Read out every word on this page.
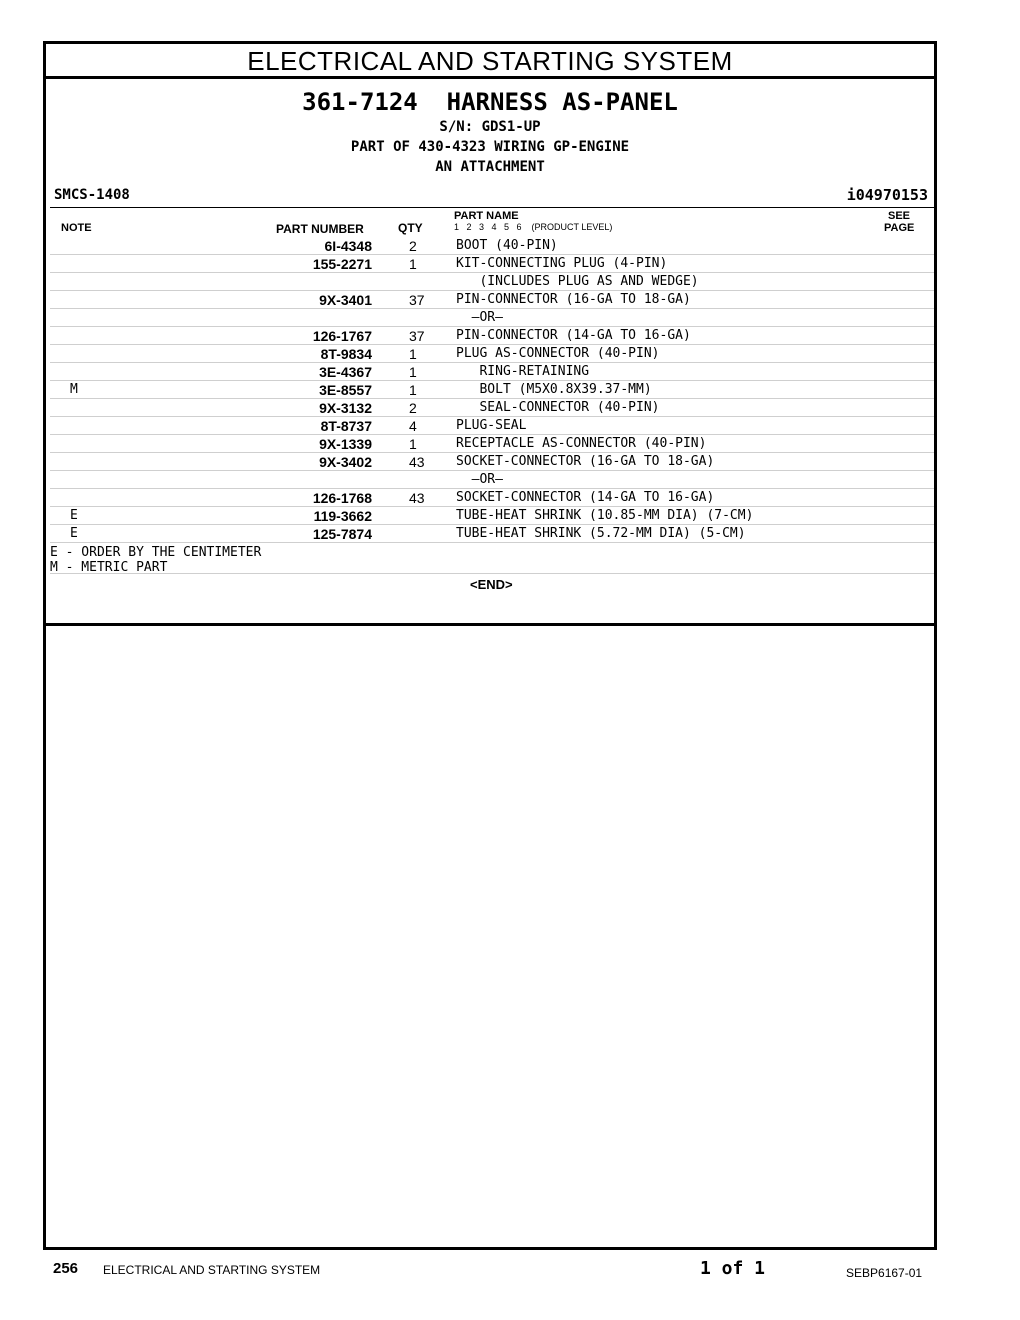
ELECTRICAL AND STARTING SYSTEM
361-7124  HARNESS AS-PANEL
S/N: GDS1-UP
PART OF 430-4323 WIRING GP-ENGINE
AN ATTACHMENT
SMCS-1408	i04970153
NOTE	PART NUMBER	QTY
PART NAME
1   2   3   4   5   6    (PRODUCT LEVEL)
SEE
PAGE
6I-4348	2	BOOT (40-PIN)
155-2271	1	KIT-CONNECTING PLUG (4-PIN)
(INCLUDES PLUG AS AND WEDGE)
9X-3401	37 PIN-CONNECTOR (16-GA TO 18-GA)
—OR—
126-1767	37 PIN-CONNECTOR (14-GA TO 16-GA)
8T-9834	1	PLUG AS-CONNECTOR (40-PIN)
3E-4367	1	RING-RETAINING
M	3E-8557	1	BOLT (M5X0.8X39.37-MM)
9X-3132	2	SEAL-CONNECTOR (40-PIN)
8T-8737	4	PLUG-SEAL
9X-1339	1	RECEPTACLE AS-CONNECTOR (40-PIN)
9X-3402	43 SOCKET-CONNECTOR (16-GA TO 18-GA)
—OR—
126-1768	43 SOCKET-CONNECTOR (14-GA TO 16-GA)
E	119-3662	TUBE-HEAT SHRINK (10.85-MM DIA) (7-CM)
E	125-7874	TUBE-HEAT SHRINK (5.72-MM DIA) (5-CM)
E - ORDER BY THE CENTIMETER
M - METRIC PART
<END>
256 ELECTRICAL AND STARTING SYSTEM	1 of 1	SEBP6167-01
